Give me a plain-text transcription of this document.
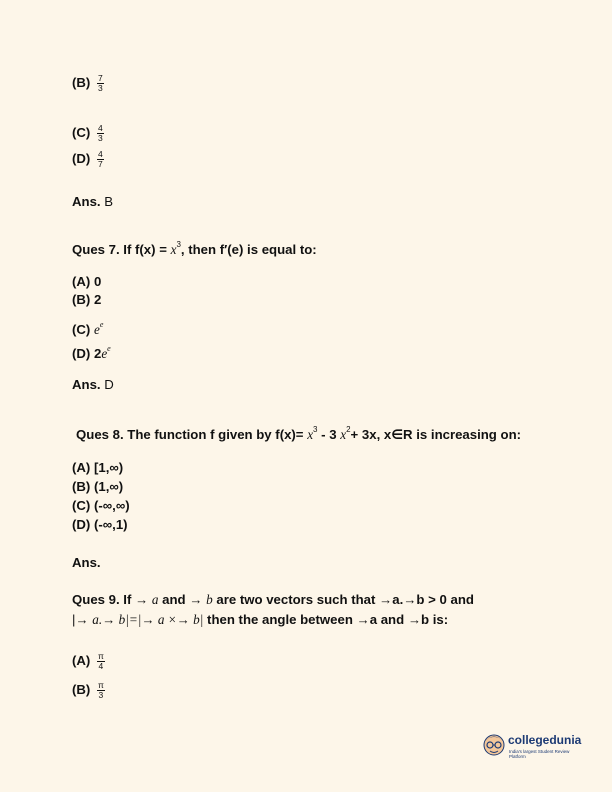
$(B) \frac{7}{3}$
$(C) \frac{4}{3}$
$(D) \frac{4}{7}$
Ans. B
Ques 7. If $f(x) = x^3$, then f′(e) is equal to:
(A) 0
(B) 2
(C) $e^e$
(D) $2e^e$
Ans. D
Ques 8. The function f given by $f(x)= x^3 - 3$ $x^2+ 3x$, x∈R is increasing on:
(A) [1,∞)
(B) (1,∞)
(C) (-∞,∞)
(D) (-∞,1)
Ans.
Ques 9. If → a and → b are two vectors such that →a.→b > 0 and
|→ a.→ b|=|→ a ×→ b| then the angle between →a and →b is:
$(A) \frac{\pi}{4}$
$(B) \frac{\pi}{3}$
collegedunia
India's largest Student Review Platform
